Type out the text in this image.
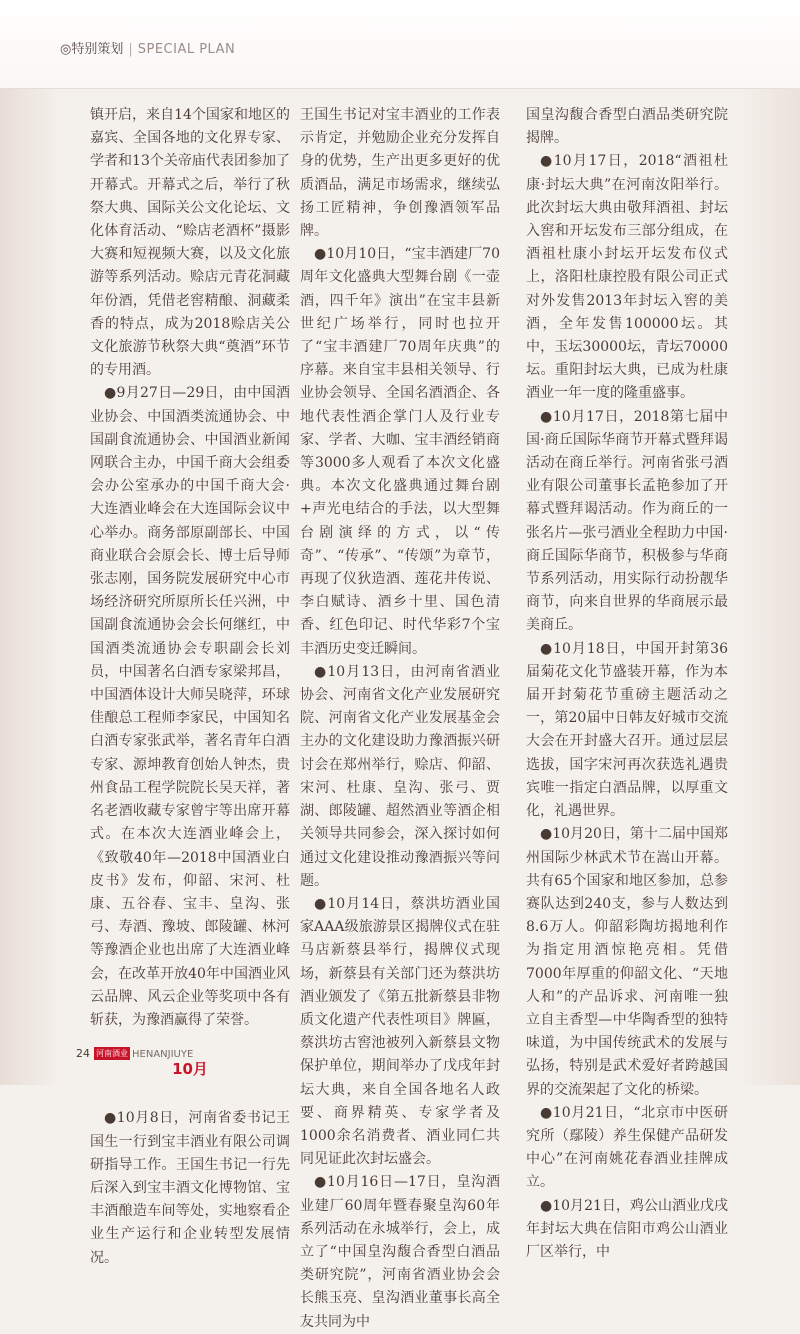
◎特别策划 | SPECIAL PLAN

镇开启，来自14个国家和地区的嘉宾、全国各地的文化界专家、学者和13个关帝庙代表团参加了开幕式。开幕式之后，举行了秋祭大典、国际关公文化论坛、文化体育活动、“赊店老酒杯”摄影大赛和短视频大赛，以及文化旅游等系列活动。赊店元青花洞藏年份酒，凭借老窖精酿、洞藏柔香的特点，成为2018赊店关公文化旅游节秋祭大典“奠酒”环节的专用酒。

●9月27日—29日，由中国酒业协会、中国酒类流通协会、中国副食流通协会、中国酒业新闻网联合主办，中国千商大会组委会办公室承办的中国千商大会·大连酒业峰会在大连国际会议中心举办。商务部原副部长、中国商业联合会原会长、博士后导师张志刚，国务院发展研究中心市场经济研究所原所长任兴洲，中国副食流通协会会长何继红，中国酒类流通协会专职副会长刘员，中国著名白酒专家梁邦昌，中国酒体设计大师吴晓萍，环球佳酿总工程师李家民，中国知名白酒专家张武举，著名青年白酒专家、源坤教育创始人钟杰，贵州食品工程学院院长吴天祥，著名老酒收藏专家曾宇等出席开幕式。在本次大连酒业峰会上，《致敬40年—2018中国酒业白皮书》发布，仰韶、宋河、杜康、五谷春、宝丰、皇沟、张弓、寿酒、豫坡、郎陵罐、林河等豫酒企业也出席了大连酒业峰会，在改革开放40年中国酒业风云品牌、风云企业等奖项中各有斩获，为豫酒赢得了荣誉。

10月

●10月8日，河南省委书记王国生一行到宝丰酒业有限公司调研指导工作。王国生书记一行先后深入到宝丰酒文化博物馆、宝丰酒酿造车间等处，实地察看企业生产运行和企业转型发展情况。

王国生书记对宝丰酒业的工作表示肯定，并勉励企业充分发挥自身的优势，生产出更多更好的优质酒品，满足市场需求，继续弘扬工匠精神，争创豫酒领军品牌。

●10月10日，“宝丰酒建厂70周年文化盛典大型舞台剧《一壶酒，四千年》演出”在宝丰县新世纪广场举行，同时也拉开了“宝丰酒建厂70周年庆典”的序幕。来自宝丰县相关领导、行业协会领导、全国名酒酒企、各地代表性酒企掌门人及行业专家、学者、大咖、宝丰酒经销商等3000多人观看了本次文化盛典。本次文化盛典通过舞台剧+声光电结合的手法，以大型舞台剧演绎的方式，以“传奇”、“传承”、“传颂”为章节，再现了仪狄造酒、莲花井传说、李白赋诗、酒乡十里、国色清香、红色印记、时代华彩7个宝丰酒历史变迁瞬间。

●10月13日，由河南省酒业协会、河南省文化产业发展研究院、河南省文化产业发展基金会主办的文化建设助力豫酒振兴研讨会在郑州举行，赊店、仰韶、宋河、杜康、皇沟、张弓、贾湖、郎陵罐、超然酒业等酒企相关领导共同参会，深入探讨如何通过文化建设推动豫酒振兴等问题。

●10月14日，蔡洪坊酒业国家AAA级旅游景区揭牌仪式在驻马店新蔡县举行，揭牌仪式现场，新蔡县有关部门还为蔡洪坊酒业颁发了《第五批新蔡县非物质文化遗产代表性项目》牌匾，蔡洪坊古窖池被列入新蔡县文物保护单位，期间举办了戊戌年封坛大典，来自全国各地名人政要、商界精英、专家学者及1000余名消费者、酒业同仁共同见证此次封坛盛会。

●10月16日—17日，皇沟酒业建厂60周年暨春聚皇沟60年系列活动在永城举行，会上，成立了“中国皇沟馥合香型白酒品类研究院”，河南省酒业协会会长熊玉亮、皇沟酒业董事长高全友共同为中

国皇沟馥合香型白酒品类研究院揭牌。

●10月17日，2018“酒祖杜康·封坛大典”在河南汝阳举行。此次封坛大典由敬拜酒祖、封坛入窖和开坛发布三部分组成，在酒祖杜康小封坛开坛发布仪式上，洛阳杜康控股有限公司正式对外发售2013年封坛入窖的美酒，全年发售100000坛。其中，玉坛30000坛，青坛70000坛。重阳封坛大典，已成为杜康酒业一年一度的隆重盛事。

●10月17日，2018第七届中国·商丘国际华商节开幕式暨拜谒活动在商丘举行。河南省张弓酒业有限公司董事长孟艳参加了开幕式暨拜谒活动。作为商丘的一张名片—张弓酒业全程助力中国·商丘国际华商节，积极参与华商节系列活动，用实际行动扮靓华商节，向来自世界的华商展示最美商丘。

●10月18日，中国开封第36届菊花文化节盛装开幕，作为本届开封菊花节重磅主题活动之一，第20届中日韩友好城市交流大会在开封盛大召开。通过层层选拔，国字宋河再次获选礼遇贵宾唯一指定白酒品牌，以厚重文化，礼遇世界。

●10月20日，第十二届中国郑州国际少林武术节在嵩山开幕。共有65个国家和地区参加，总参赛队达到240支，参与人数达到8.6万人。仰韶彩陶坊揭地利作为指定用酒惊艳亮相。凭借7000年厚重的仰韶文化、“天地人和”的产品诉求、河南唯一独立自主香型—中华陶香型的独特味道，为中国传统武术的发展与弘扬，特别是武术爱好者跨越国界的交流架起了文化的桥梁。

●10月21日，“北京市中医研究所（鄢陵）养生保健产品研发中心”在河南姚花春酒业挂牌成立。

●10月21日，鸡公山酒业戊戌年封坛大典在信阳市鸡公山酒业厂区举行，中

24 河南酒业 HENANJIUYE
